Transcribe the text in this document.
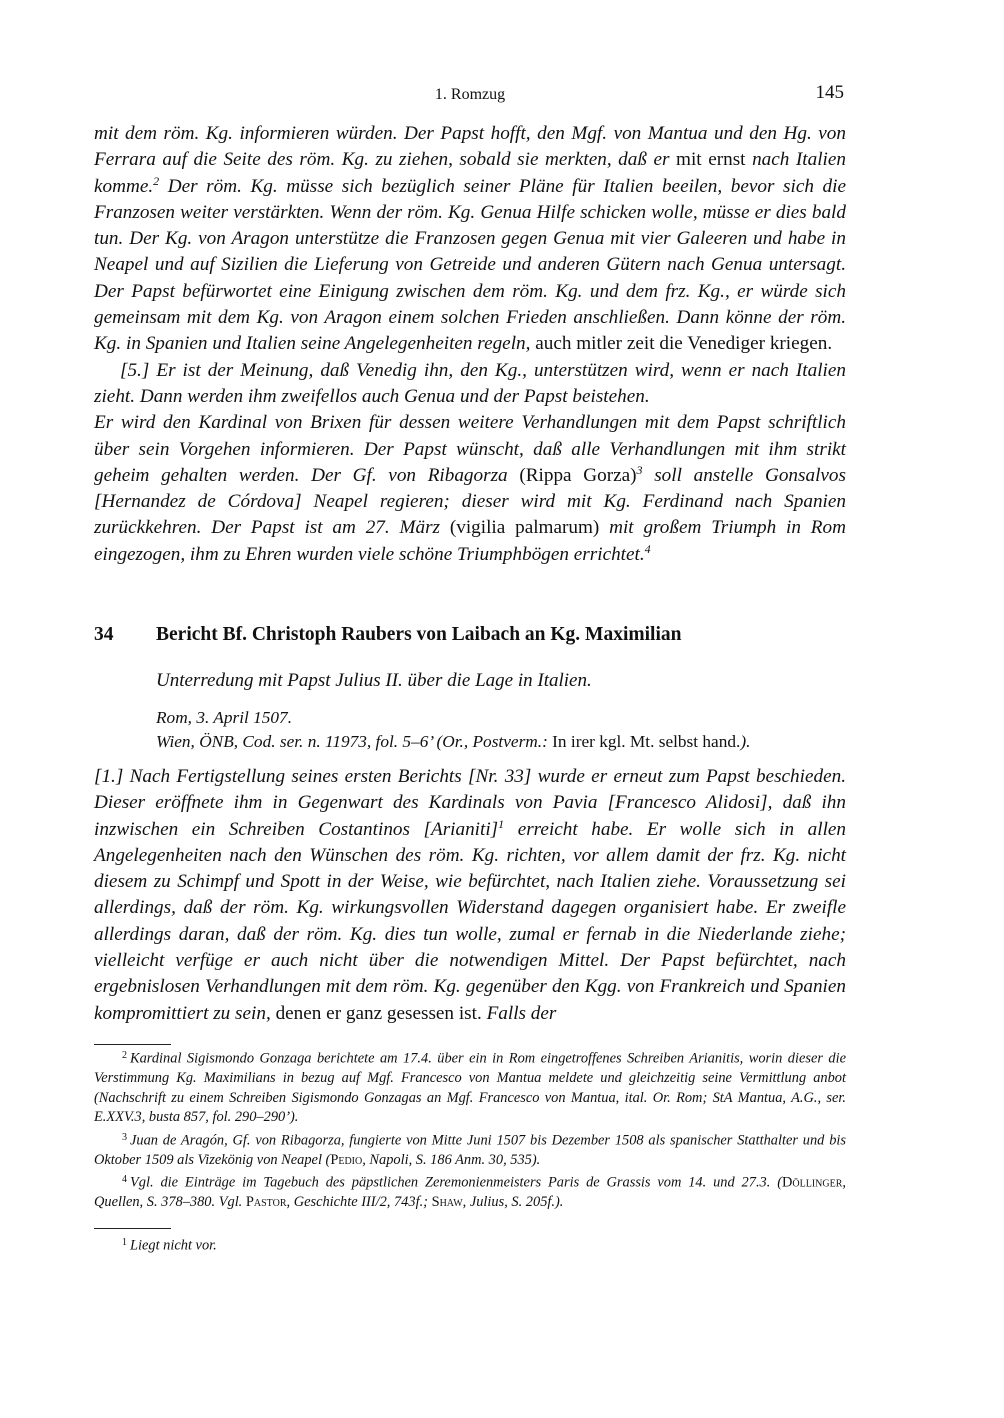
1. Romzug	145

mit dem röm. Kg. informieren würden. Der Papst hofft, den Mgf. von Mantua und den Hg. von Ferrara auf die Seite des röm. Kg. zu ziehen, sobald sie merkten, daß er mit ernst nach Italien komme.$^2$ Der röm. Kg. müsse sich bezüglich seiner Pläne für Italien beeilen, bevor sich die Franzosen weiter verstärkten. Wenn der röm. Kg. Genua Hilfe schicken wolle, müsse er dies bald tun. Der Kg. von Aragon unterstütze die Franzosen gegen Genua mit vier Galeeren und habe in Neapel und auf Sizilien die Lieferung von Getreide und anderen Gütern nach Genua untersagt. Der Papst befürwortet eine Einigung zwischen dem röm. Kg. und dem frz. Kg., er würde sich gemeinsam mit dem Kg. von Aragon einem solchen Frieden anschließen. Dann könne der röm. Kg. in Spanien und Italien seine Angelegenheiten regeln, auch mitler zeit die Venediger kriegen.

[5.] Er ist der Meinung, daß Venedig ihn, den Kg., unterstützen wird, wenn er nach Italien zieht. Dann werden ihm zweifellos auch Genua und der Papst beistehen.

Er wird den Kardinal von Brixen für dessen weitere Verhandlungen mit dem Papst schriftlich über sein Vorgehen informieren. Der Papst wünscht, daß alle Verhandlungen mit ihm strikt geheim gehalten werden. Der Gf. von Ribagorza (Rippa Gorza)$^3$ soll anstelle Gonsalvos [Hernandez de Córdova] Neapel regieren; dieser wird mit Kg. Ferdinand nach Spanien zurückkehren. Der Papst ist am 27. März (vigilia palmarum) mit großem Triumph in Rom eingezogen, ihm zu Ehren wurden viele schöne Triumphbögen errichtet.$^4$

34 Bericht Bf. Christoph Raubers von Laibach an Kg. Maximilian
Unterredung mit Papst Julius II. über die Lage in Italien.
Rom, 3. April 1507.
Wien, ÖNB, Cod. ser. n. 11973, fol. 5–6’ (Or., Postverm.: In irer kgl. Mt. selbst hand.).

[1.] Nach Fertigstellung seines ersten Berichts [Nr. 33] wurde er erneut zum Papst beschieden. Dieser eröffnete ihm in Gegenwart des Kardinals von Pavia [Francesco Alidosi], daß ihn inzwischen ein Schreiben Costantinos [Arianiti]$^1$ erreicht habe. Er wolle sich in allen Angelegenheiten nach den Wünschen des röm. Kg. richten, vor allem damit der frz. Kg. nicht diesem zu Schimpf und Spott in der Weise, wie befürchtet, nach Italien ziehe. Voraussetzung sei allerdings, daß der röm. Kg. wirkungsvollen Widerstand dagegen organisiert habe. Er zweifle allerdings daran, daß der röm. Kg. dies tun wolle, zumal er fernab in die Niederlande ziehe; vielleicht verfüge er auch nicht über die notwendigen Mittel. Der Papst befürchtet, nach ergebnislosen Verhandlungen mit dem röm. Kg. gegenüber den Kgg. von Frankreich und Spanien kompromittiert zu sein, denen er ganz gesessen ist. Falls der

$^2$ Kardinal Sigismondo Gonzaga berichtete am 17.4. über ein in Rom eingetroffenes Schreiben Arianitis, worin dieser die Verstimmung Kg. Maximilians in bezug auf Mgf. Francesco von Mantua meldete und gleichzeitig seine Vermittlung anbot (Nachschrift zu einem Schreiben Sigismondo Gonzagas an Mgf. Francesco von Mantua, ital. Or. Rom; StA Mantua, A.G., ser. E.XXV.3, busta 857, fol. 290–290’).

$^3$ Juan de Aragón, Gf. von Ribagorza, fungierte von Mitte Juni 1507 bis Dezember 1508 als spanischer Statthalter und bis Oktober 1509 als Vizekönig von Neapel (Pedio, Napoli, S. 186 Anm. 30, 535).

$^4$ Vgl. die Einträge im Tagebuch des päpstlichen Zeremonienmeisters Paris de Grassis vom 14. und 27.3. (Döllinger, Quellen, S. 378–380. Vgl. Pastor, Geschichte III/2, 743f.; Shaw, Julius, S. 205f.).

$^1$ Liegt nicht vor.
